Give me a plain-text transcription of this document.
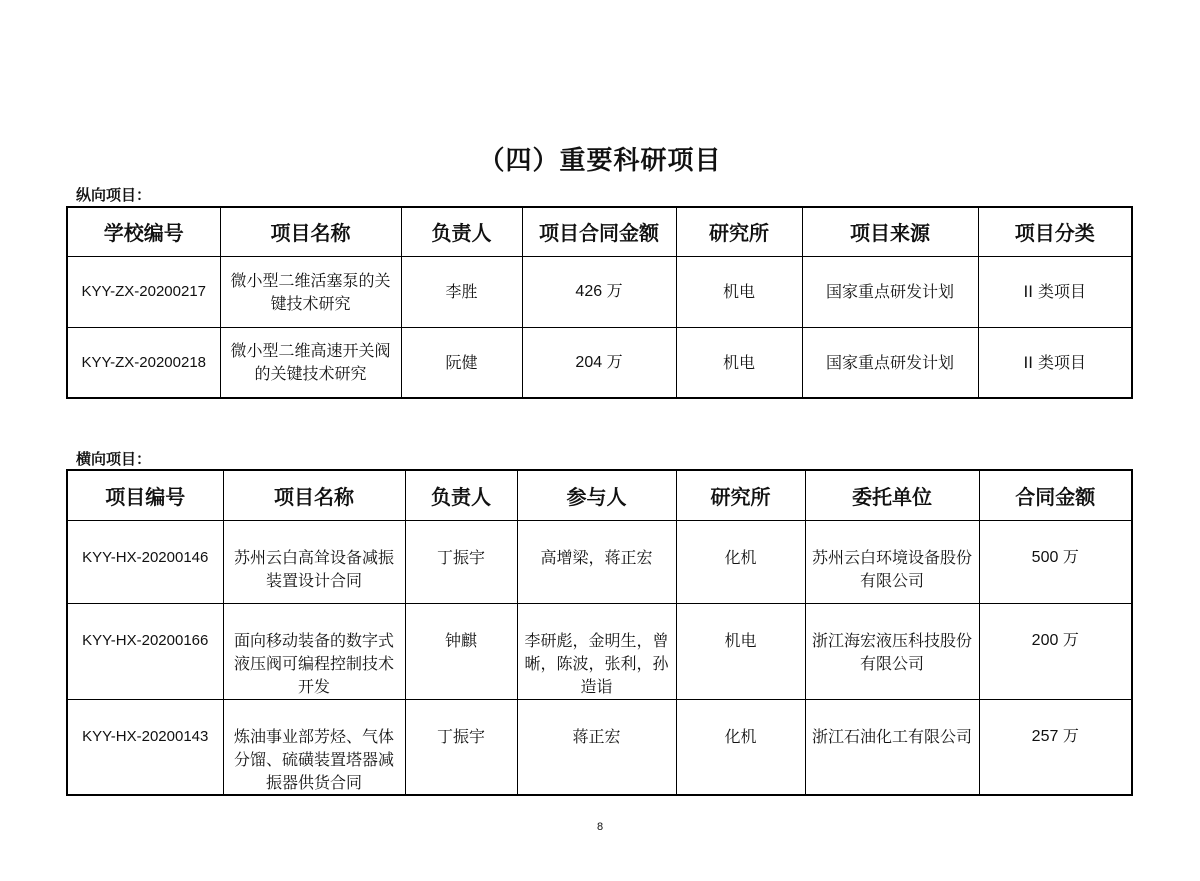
（四）重要科研项目
纵向项目：
学校编号	项目名称	负责人	项目合同金额	研究所	项目来源	项目分类
KYY-ZX-20200217	微小型二维活塞泵的关键技术研究	李胜	426 万	机电	国家重点研发计划	II 类项目
KYY-ZX-20200218	微小型二维高速开关阀的关键技术研究	阮健	204 万	机电	国家重点研发计划	II 类项目
横向项目：
项目编号	项目名称	负责人	参与人	研究所	委托单位	合同金额
KYY-HX-20200146	苏州云白高耸设备减振装置设计合同	丁振宇	高增梁，蒋正宏	化机	苏州云白环境设备股份有限公司	500 万
KYY-HX-20200166	面向移动装备的数字式液压阀可编程控制技术开发	钟麒	李研彪，金明生，曾晰，陈波，张利，孙造诣	机电	浙江海宏液压科技股份有限公司	200 万
KYY-HX-20200143	炼油事业部芳烃、气体分馏、硫磺装置塔器减振器供货合同	丁振宇	蒋正宏	化机	浙江石油化工有限公司	257 万
8
